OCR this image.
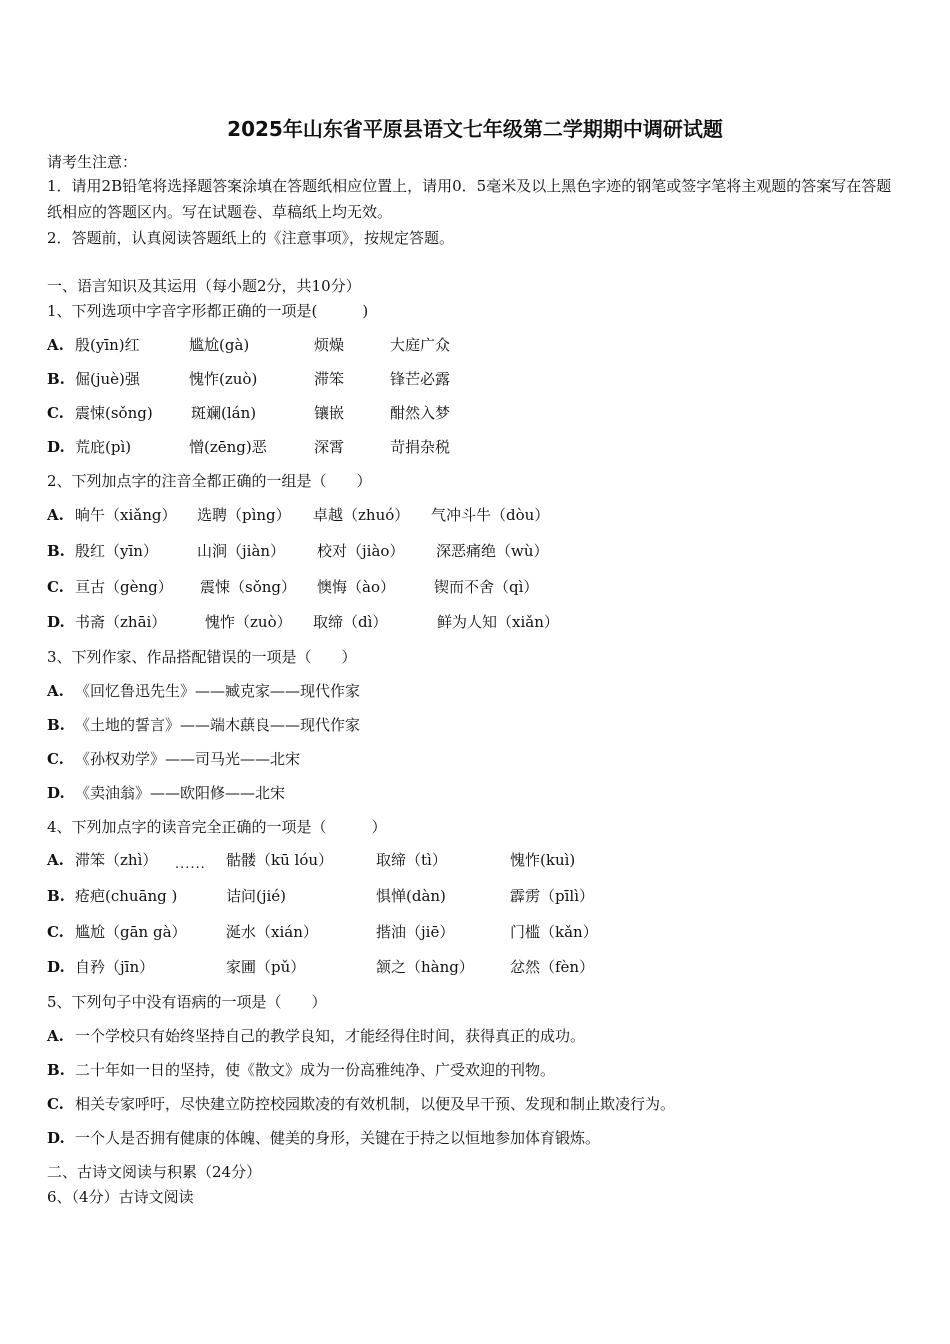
2025年山东省平原县语文七年级第二学期期中调研试题
请考生注意：
1．请用2B铅笔将选择题答案涂填在答题纸相应位置上，请用0．5毫米及以上黑色字迹的钢笔或签字笔将主观题的答案写在答题纸相应的答题区内。写在试题卷、草稿纸上均无效。
2．答题前，认真阅读答题纸上的《注意事项》，按规定答题。
一、语言知识及其运用（每小题2分，共10分）
1、下列选项中字音字形都正确的一项是(　　　)
A. 殷(yīn)红	尴尬(gà)	烦燥	大庭广众
B. 倔(juè)强	愧怍(zuò)	滞笨	锋芒必露
C. 震悚(sǒng)	斑斓(lán)	镶嵌	酣然入梦
D. 荒庇(pì)	憎(zēng)恶	深霄	苛捐杂税
2、下列加点字的注音全都正确的一组是（　　）
A. 晌午（xiǎng） 选聘（pìng） 卓越（zhuó） 气冲斗牛（dòu）
B. 殷红（yīn）	山涧（jiàn） 校对（jiào） 深恶痛绝（wù）
C. 亘古（gèng） 震悚（sǒng） 懊悔（ào）	锲而不舍（qì）
D. 书斋（zhāi）	愧怍（zuò） 取缔（dì）	鲜为人知（xiǎn）
3、下列作家、作品搭配错误的一项是（　　）
A. 《回忆鲁迅先生》——臧克家——现代作家
B. 《土地的誓言》——端木蕻良——现代作家
C. 《孙权劝学》——司马光——北宋
D. 《卖油翁》——欧阳修——北宋
4、下列加点字的读音完全正确的一项是（　　　）
......
A. 滞笨（zhì）	骷髅（kū lóu）	取缔（tì）	愧怍(kuì)
B. 疮疤(chuāng )	诘问(jié)	惧惮(dàn)	霹雳（pīlì）
C. 尴尬（gān gà）	涎水（xián）	揩油（jiē）	门槛（kǎn）
D. 自矜（jīn）	家圃（pǔ）	颔之（hàng） 忿然（fèn）
5、下列句子中没有语病的一项是（　　）
A. 一个学校只有始终坚持自己的教学良知，才能经得住时间，获得真正的成功。
B. 二十年如一日的坚持，使《散文》成为一份高雅纯净、广受欢迎的刊物。
C. 相关专家呼吁，尽快建立防控校园欺凌的有效机制，以便及早干预、发现和制止欺凌行为。
D. 一个人是否拥有健康的体魄、健美的身形，关键在于持之以恒地参加体育锻炼。
二、古诗文阅读与积累（24分）
6、（4分）古诗文阅读
